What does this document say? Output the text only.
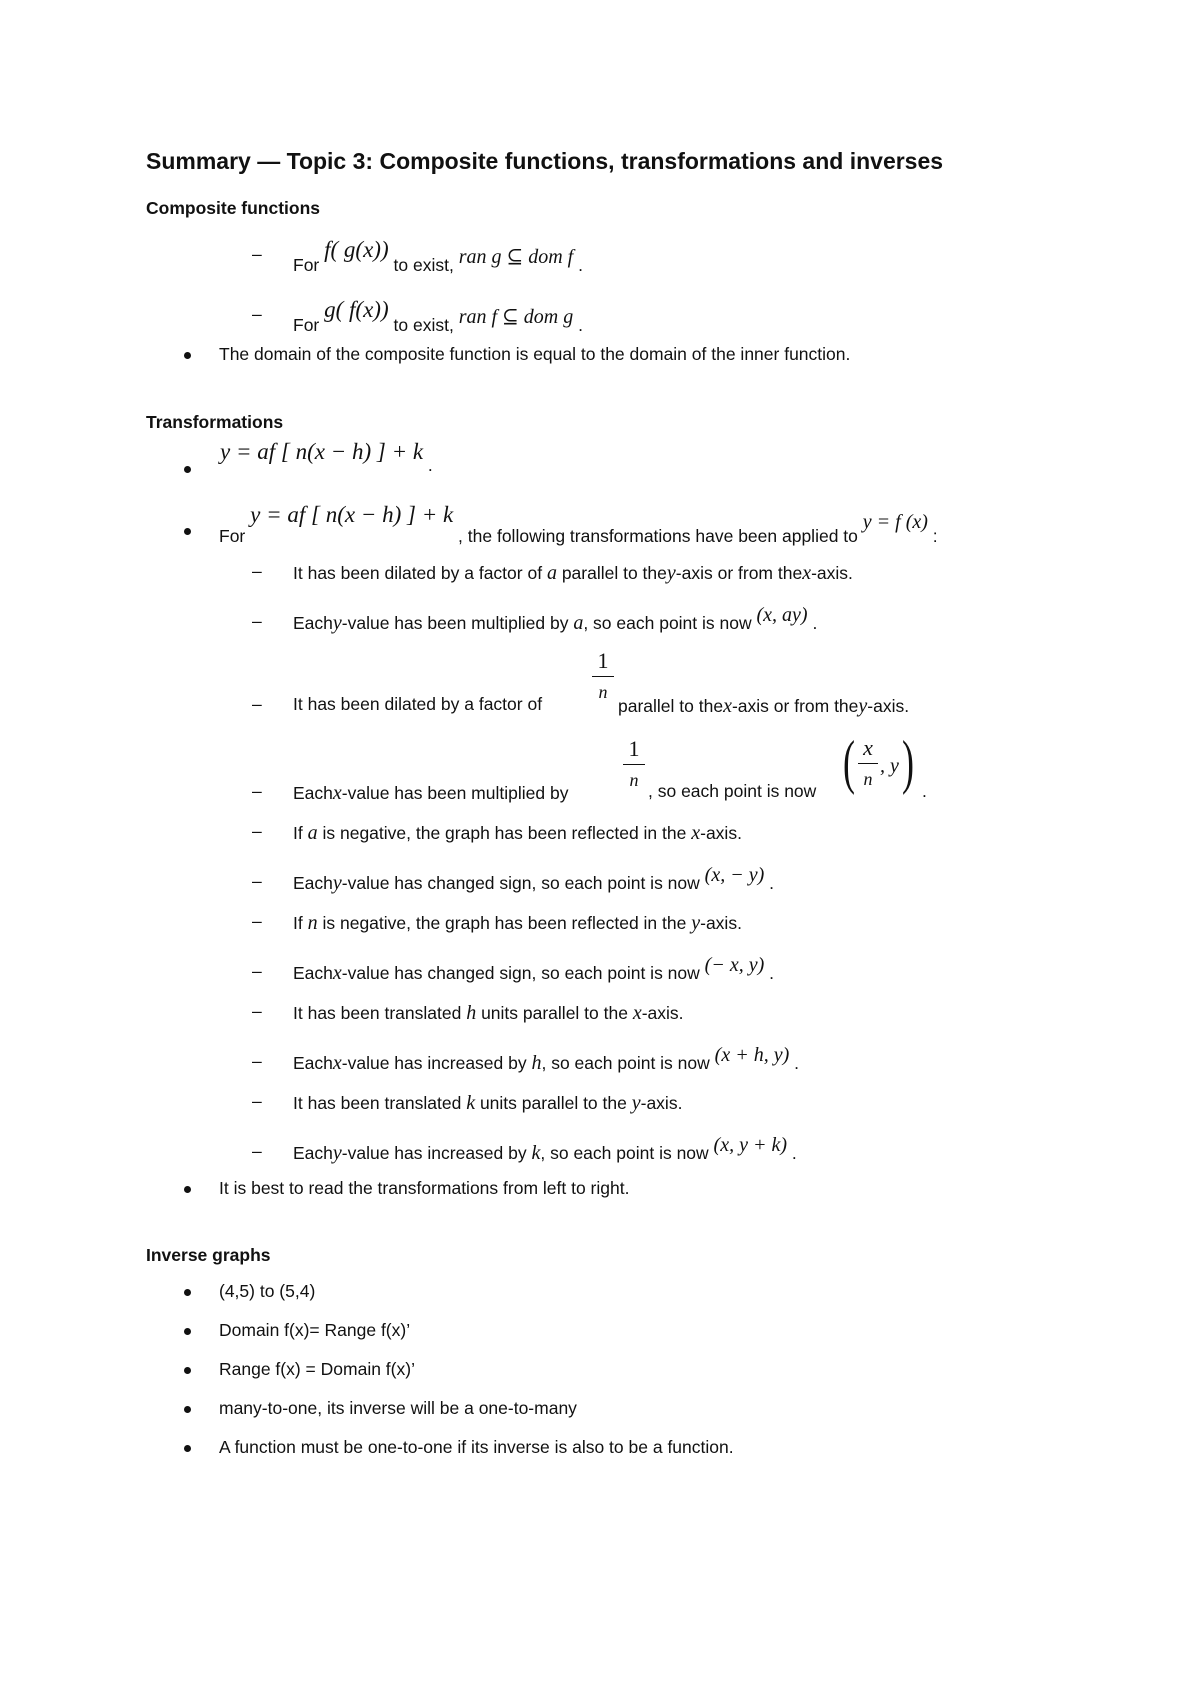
Summary — Topic 3: Composite functions, transformations and inverses
Composite functions
–
For f( g(x)) to exist, ran g ⊆ dom f .
–
For g( f(x)) to exist, ran f ⊆ dom g .
The domain of the composite function is equal to the domain of the inner function.
Transformations
y = af [ n(x − h) ] + k .
For y = af [ n(x − h) ] + k , the following transformations have been applied to y = f (x) :
– It has been dilated by a factor of a parallel to they-axis or from thex-axis.
– Eachy-value has been multiplied by a, so each point is now (x, ay) .
1
n
– It has been dilated by a factor of	parallel to thex-axis or from they-axis.
1
n
– Eachx-value has been multiplied by	, so each point is now ( x
n
, y ) .
– If a is negative, the graph has been reflected in the x-axis.
– Eachy-value has changed sign, so each point is now (x, − y) .
– If n is negative, the graph has been reflected in the y-axis.
– Eachx-value has changed sign, so each point is now (− x, y) .
– It has been translated h units parallel to the x-axis.
– Eachx-value has increased by h, so each point is now (x + h, y) .
– It has been translated k units parallel to the y-axis.
– Eachy-value has increased by k, so each point is now (x, y + k) .
It is best to read the transformations from left to right.
Inverse graphs
(4,5) to (5,4)
Domain f(x)= Range f(x)’
Range f(x) = Domain f(x)’
many-to-one, its inverse will be a one-to-many
A function must be one-to-one if its inverse is also to be a function.
